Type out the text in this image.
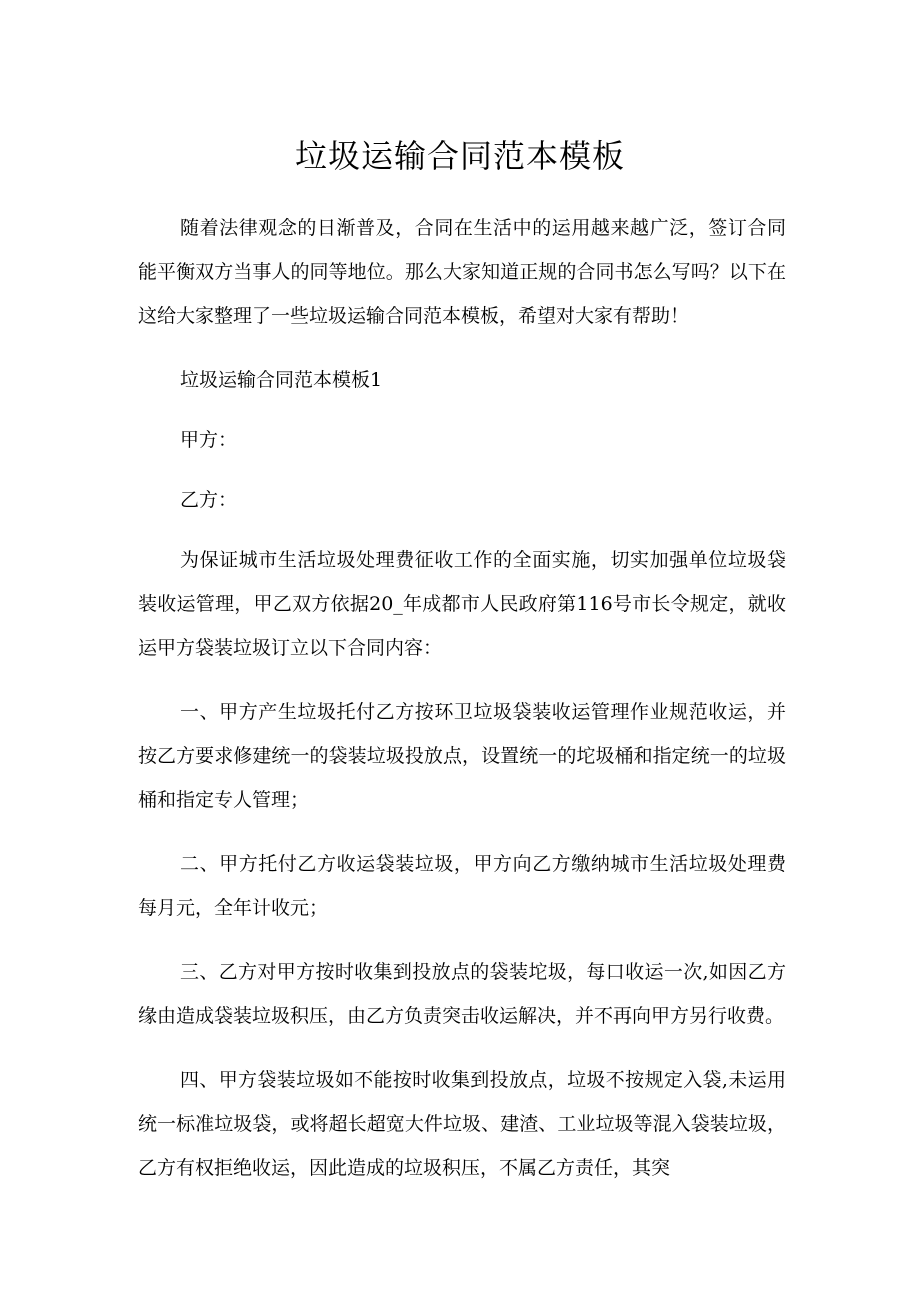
垃圾运输合同范本模板

随着法律观念的日渐普及，合同在生活中的运用越来越广泛，签订合同能平衡双方当事人的同等地位。那么大家知道正规的合同书怎么写吗？以下在这给大家整理了一些垃圾运输合同范本模板，希望对大家有帮助！

垃圾运输合同范本模板1

甲方：

乙方：

为保证城市生活垃圾处理费征收工作的全面实施，切实加强单位垃圾袋装收运管理，甲乙双方依据20_年成都市人民政府第116号市长令规定，就收运甲方袋装垃圾订立以下合同内容：

一、甲方产生垃圾托付乙方按环卫垃圾袋装收运管理作业规范收运，并按乙方要求修建统一的袋装垃圾投放点，设置统一的坨圾桶和指定统一的垃圾桶和指定专人管理；

二、甲方托付乙方收运袋装垃圾，甲方向乙方缴纳城市生活垃圾处理费每月元，全年计收元；

三、乙方对甲方按时收集到投放点的袋装坨圾，每口收运一次,如因乙方缘由造成袋装垃圾积压，由乙方负责突击收运解决，并不再向甲方另行收费。

四、甲方袋装垃圾如不能按时收集到投放点，垃圾不按规定入袋,未运用统一标准垃圾袋，或将超长超宽大件垃圾、建渣、工业垃圾等混入袋装垃圾，乙方有权拒绝收运，因此造成的垃圾积压，不属乙方责任，其突
